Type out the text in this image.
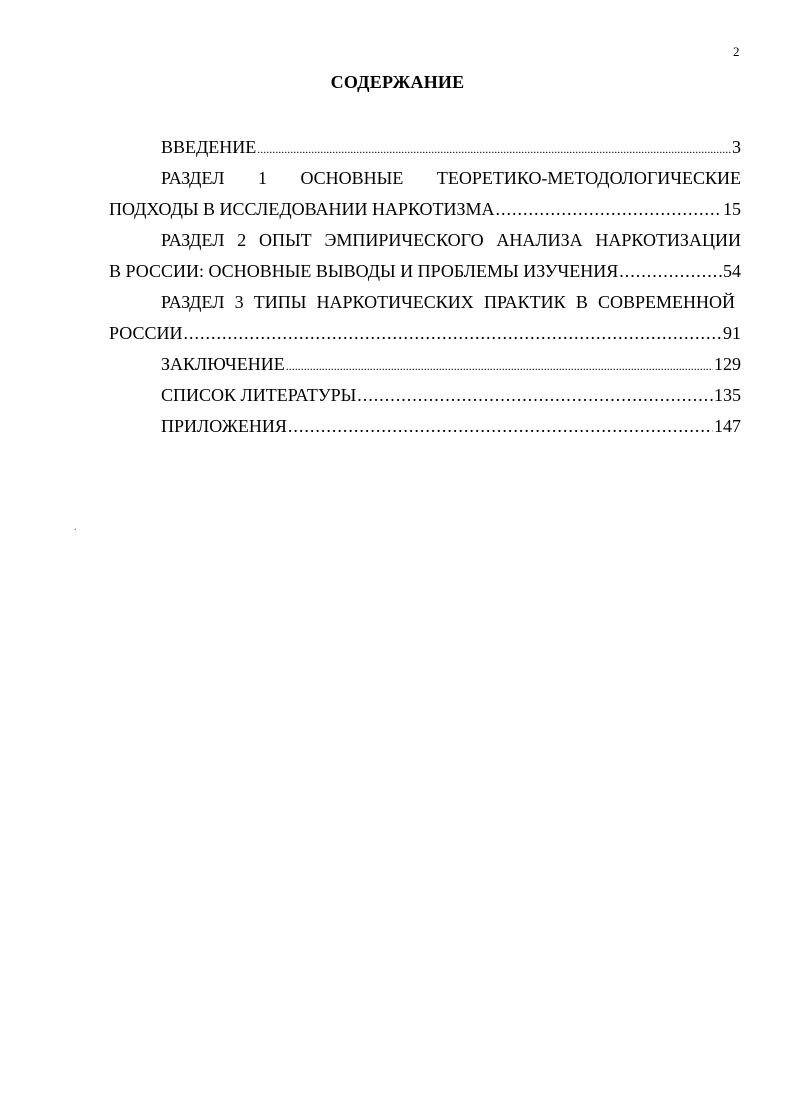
2
СОДЕРЖАНИЕ
ВВЕДЕНИЕ .....	3
РАЗДЕЛ 1 ОСНОВНЫЕ ТЕОРЕТИКО-МЕТОДОЛОГИЧЕСКИЕ
ПОДХОДЫ В ИССЛЕДОВАНИИ НАРКОТИЗМА .....	15
РАЗДЕЛ 2 ОПЫТ ЭМПИРИЧЕСКОГО АНАЛИЗА НАРКОТИЗАЦИИ
В РОССИИ: ОСНОВНЫЕ ВЫВОДЫ И ПРОБЛЕМЫ ИЗУЧЕНИЯ .....	54
РАЗДЕЛ 3 ТИПЫ НАРКОТИЧЕСКИХ ПРАКТИК В СОВРЕМЕННОЙ
РОССИИ .....	91
ЗАКЛЮЧЕНИЕ .....	129
СПИСОК ЛИТЕРАТУРЫ .....	135
ПРИЛОЖЕНИЯ .....	147
.
